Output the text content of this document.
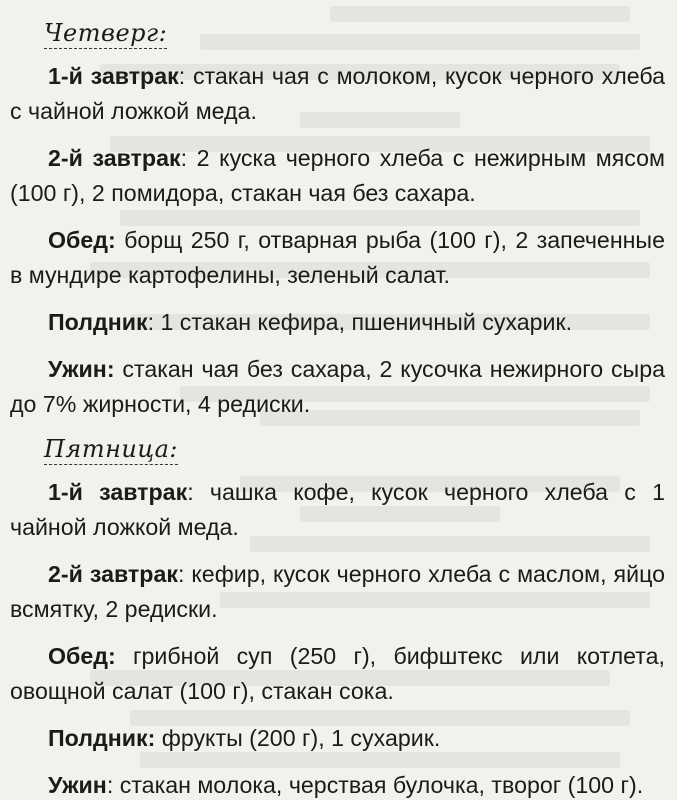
Четверг:

1-й завтрак: стакан чая с молоком, кусок черного хлеба с чайной ложкой меда.

2-й завтрак: 2 куска черного хлеба с нежирным мясом (100 г), 2 помидора, стакан чая без сахара.

Обед: борщ 250 г, отварная рыба (100 г), 2 запеченные в мундире картофелины, зеленый салат.

Полдник: 1 стакан кефира, пшеничный сухарик.

Ужин: стакан чая без сахара, 2 кусочка нежирного сыра до 7% жирности, 4 редиски.

Пятница:

1-й завтрак: чашка кофе, кусок черного хлеба с 1 чайной ложкой меда.

2-й завтрак: кефир, кусок черного хлеба с маслом, яйцо всмятку, 2 редиски.

Обед: грибной суп (250 г), бифштекс или котлета, овощной салат (100 г), стакан сока.

Полдник: фрукты (200 г), 1 сухарик.

Ужин: стакан молока, черствая булочка, творог (100 г).
